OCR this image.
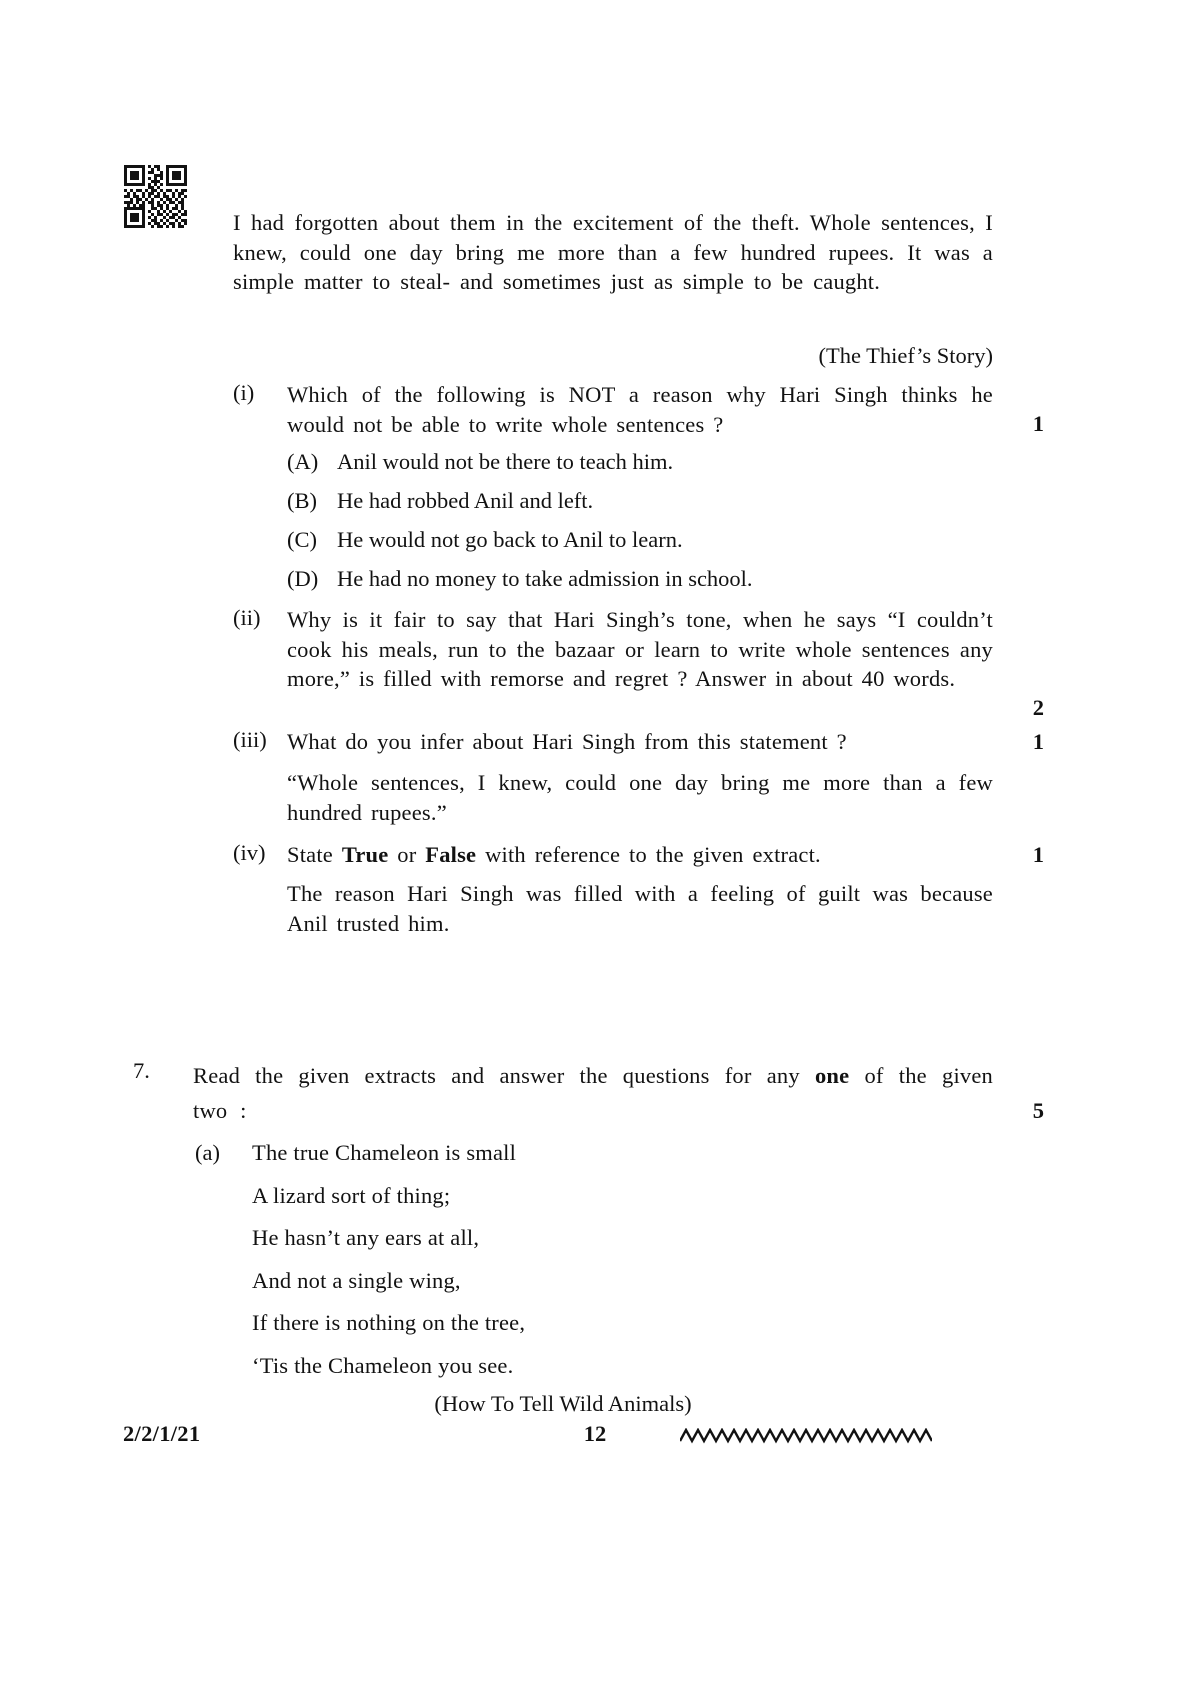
I had forgotten about them in the excitement of the theft. Whole sentences, I knew, could one day bring me more than a few hundred rupees. It was a simple matter to steal- and sometimes just as simple to be caught.
(The Thief’s Story)
(i)	Which of the following is NOT a reason why Hari Singh thinks he would not be able to write whole sentences ?	1
(A) Anil would not be there to teach him.
(B) He had robbed Anil and left.
(C) He would not go back to Anil to learn.
(D) He had no money to take admission in school.
(ii)	Why is it fair to say that Hari Singh’s tone, when he says “I couldn’t cook his meals, run to the bazaar or learn to write whole sentences any more,” is filled with remorse and regret ? Answer in about 40 words.
2
(iii) What do you infer about Hari Singh from this statement ?	1
“Whole sentences, I knew, could one day bring me more than a few hundred rupees.”
(iv) State True or False with reference to the given extract.	1
The reason Hari Singh was filled with a feeling of guilt was because Anil trusted him.
7.	Read the given extracts and answer the questions for any one of the given two :	5
(a) The true Chameleon is small
A lizard sort of thing;
He hasn’t any ears at all,
And not a single wing,
If there is nothing on the tree,
‘Tis the Chameleon you see.
(How To Tell Wild Animals)
2/2/1/21	12
